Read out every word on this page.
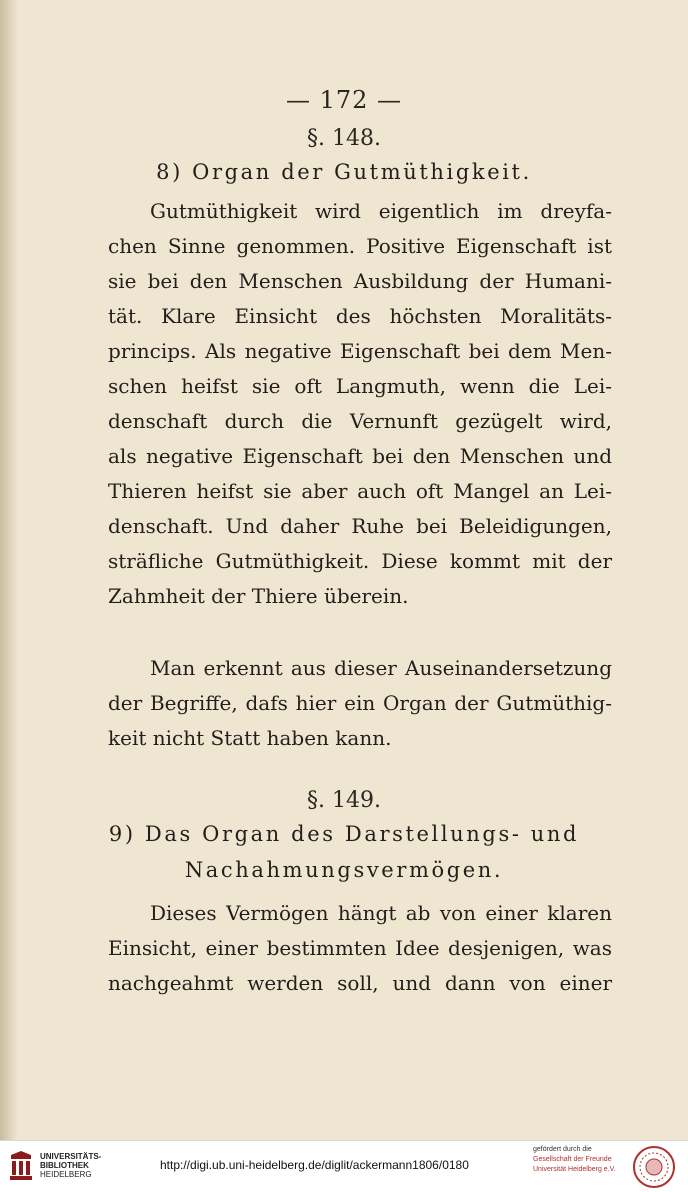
— 172 —
§. 148.
8) Organ der Gutmüthigkeit.
Gutmüthigkeit wird eigentlich im dreyfa-
chen Sinne genommen. Positive Eigenschaft ist
sie bei den Menschen Ausbildung der Humani-
tät. Klare Einsicht des höchsten Moralitäts-
princips. Als negative Eigenschaft bei dem Men-
schen heifst sie oft Langmuth, wenn die Lei-
denschaft durch die Vernunft gezügelt wird,
als negative Eigenschaft bei den Menschen und
Thieren heifst sie aber auch oft Mangel an Lei-
denschaft. Und daher Ruhe bei Beleidigungen,
sträfliche Gutmüthigkeit. Diese kommt mit der
Zahmheit der Thiere überein.
Man erkennt aus dieser Auseinandersetzung
der Begriffe, dafs hier ein Organ der Gutmüthig-
keit nicht Statt haben kann.
§. 149.
9) Das Organ des Darstellungs- und
Nachahmungsvermögen.
Dieses Vermögen hängt ab von einer klaren
Einsicht, einer bestimmten Idee desjenigen, was
nachgeahmt werden soll, und dann von einer
UNIVERSITÄTS-
BIBLIOTHEK
HEIDELBERG
http://digi.ub.uni-heidelberg.de/diglit/ackermann1806/0180
gefördert durch die
Gesellschaft der Freunde
Universität Heidelberg e.V.
